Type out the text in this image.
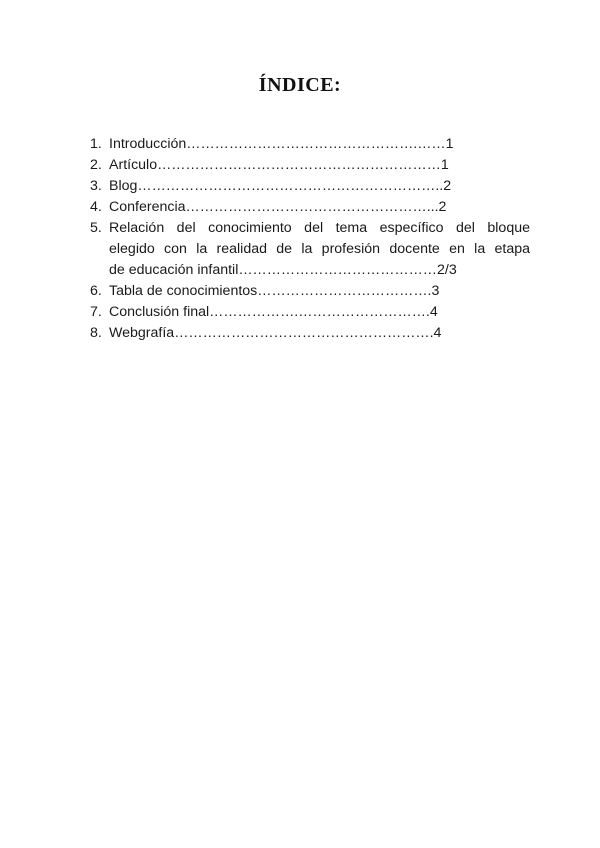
ÍNDICE:
1. Introducción………………………………………….……1
2. Artículo……………………………………………………1
3. Blog………………………………………………………..2
4. Conferencia……………………………………………...2
5. Relación del conocimiento del tema específico del bloque
elegido con la realidad de la profesión docente en la etapa
de educación infantil……………………………………2/3
6. Tabla de conocimientos……………………………….3
7. Conclusión final……………….……………………….4
8. Webgrafía……………………………………………….4
